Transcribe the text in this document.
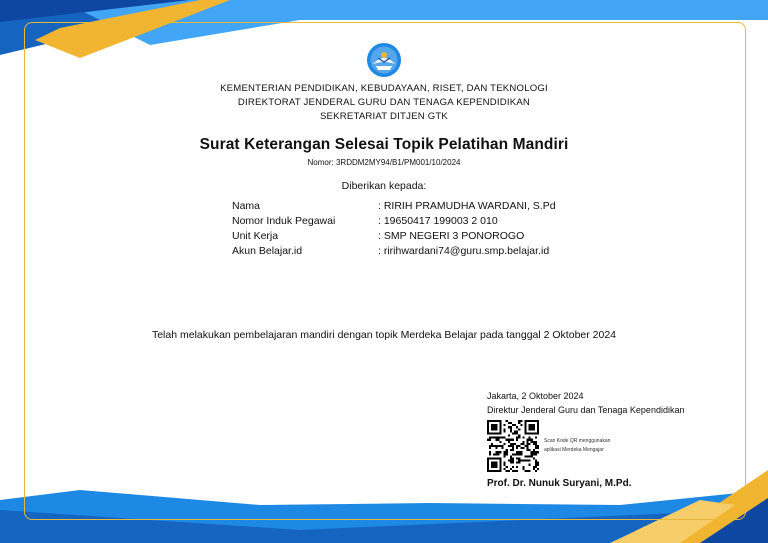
KEMENTERIAN PENDIDIKAN, KEBUDAYAAN, RISET, DAN TEKNOLOGI
DIREKTORAT JENDERAL GURU DAN TENAGA KEPENDIDIKAN
SEKRETARIAT DITJEN GTK
Surat Keterangan Selesai Topik Pelatihan Mandiri
Nomor: 3RDDM2MY94/B1/PM001/10/2024
Diberikan kepada:
Nama	: RIRIH PRAMUDHA WARDANI, S.Pd
Nomor Induk Pegawai	: 19650417 199003 2 010
Unit Kerja	: SMP NEGERI 3 PONOROGO
Akun Belajar.id	: ririhwardani74@guru.smp.belajar.id
Telah melakukan pembelajaran mandiri dengan topik Merdeka Belajar pada tanggal 2 Oktober 2024
Jakarta, 2 Oktober 2024
Direktur Jenderal Guru dan Tenaga Kependidikan
Scan Kode QR menggunakan
aplikasi Merdeka Mengajar
Prof. Dr. Nunuk Suryani, M.Pd.
